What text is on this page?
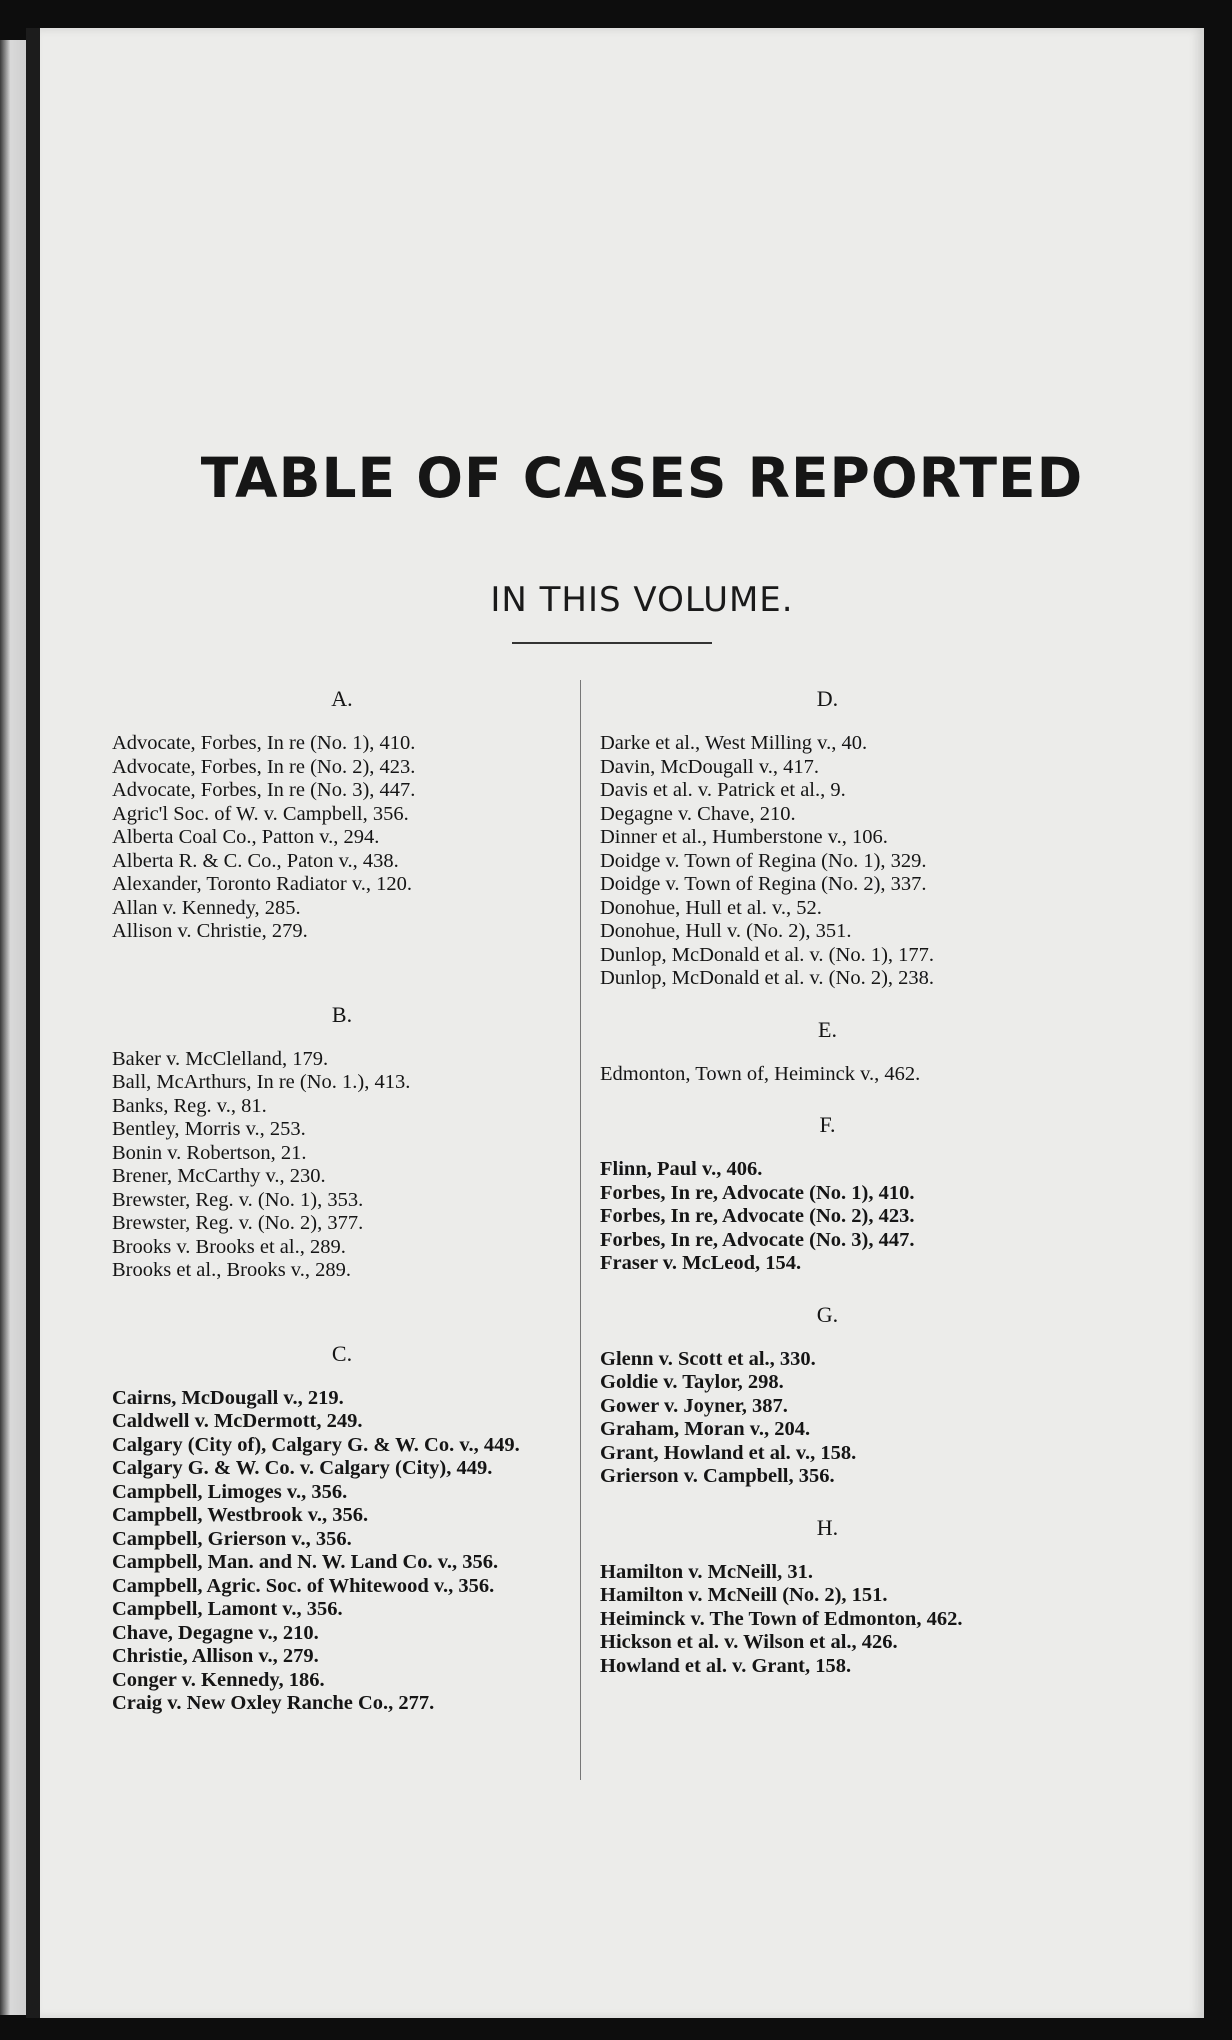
TABLE OF CASES REPORTED
IN THIS VOLUME.
A.

Advocate, Forbes, In re (No. 1), 410.

Advocate, Forbes, In re (No. 2), 423.

Advocate, Forbes, In re (No. 3), 447.

Agric'l Soc. of W. v. Campbell, 356.

Alberta Coal Co., Patton v., 294.

Alberta R. & C. Co., Paton v., 438.

Alexander, Toronto Radiator v., 120.

Allan v. Kennedy, 285.

Allison v. Christie, 279.

B.

Baker v. McClelland, 179.

Ball, McArthurs, In re (No. 1.), 413.

Banks, Reg. v., 81.

Bentley, Morris v., 253.

Bonin v. Robertson, 21.

Brener, McCarthy v., 230.

Brewster, Reg. v. (No. 1), 353.

Brewster, Reg. v. (No. 2), 377.

Brooks v. Brooks et al., 289.

Brooks et al., Brooks v., 289.

C.

Cairns, McDougall v., 219.

Caldwell v. McDermott, 249.

Calgary (City of), Calgary G. & W. Co. v., 449.

Calgary G. & W. Co. v. Calgary (City), 449.

Campbell, Limoges v., 356.

Campbell, Westbrook v., 356.

Campbell, Grierson v., 356.

Campbell, Man. and N. W. Land Co. v., 356.

Campbell, Agric. Soc. of Whitewood v., 356.

Campbell, Lamont v., 356.

Chave, Degagne v., 210.

Christie, Allison v., 279.

Conger v. Kennedy, 186.

Craig v. New Oxley Ranche Co., 277.

D.

Darke et al., West Milling v., 40.

Davin, McDougall v., 417.

Davis et al. v. Patrick et al., 9.

Degagne v. Chave, 210.

Dinner et al., Humberstone v., 106.

Doidge v. Town of Regina (No. 1), 329.

Doidge v. Town of Regina (No. 2), 337.

Donohue, Hull et al. v., 52.

Donohue, Hull v. (No. 2), 351.

Dunlop, McDonald et al. v. (No. 1), 177.

Dunlop, McDonald et al. v. (No. 2), 238.

E.

Edmonton, Town of, Heiminck v., 462.

F.

Flinn, Paul v., 406.

Forbes, In re, Advocate (No. 1), 410.

Forbes, In re, Advocate (No. 2), 423.

Forbes, In re, Advocate (No. 3), 447.

Fraser v. McLeod, 154.

G.

Glenn v. Scott et al., 330.

Goldie v. Taylor, 298.

Gower v. Joyner, 387.

Graham, Moran v., 204.

Grant, Howland et al. v., 158.

Grierson v. Campbell, 356.

H.

Hamilton v. McNeill, 31.

Hamilton v. McNeill (No. 2), 151.

Heiminck v. The Town of Edmonton, 462.

Hickson et al. v. Wilson et al., 426.

Howland et al. v. Grant, 158.
